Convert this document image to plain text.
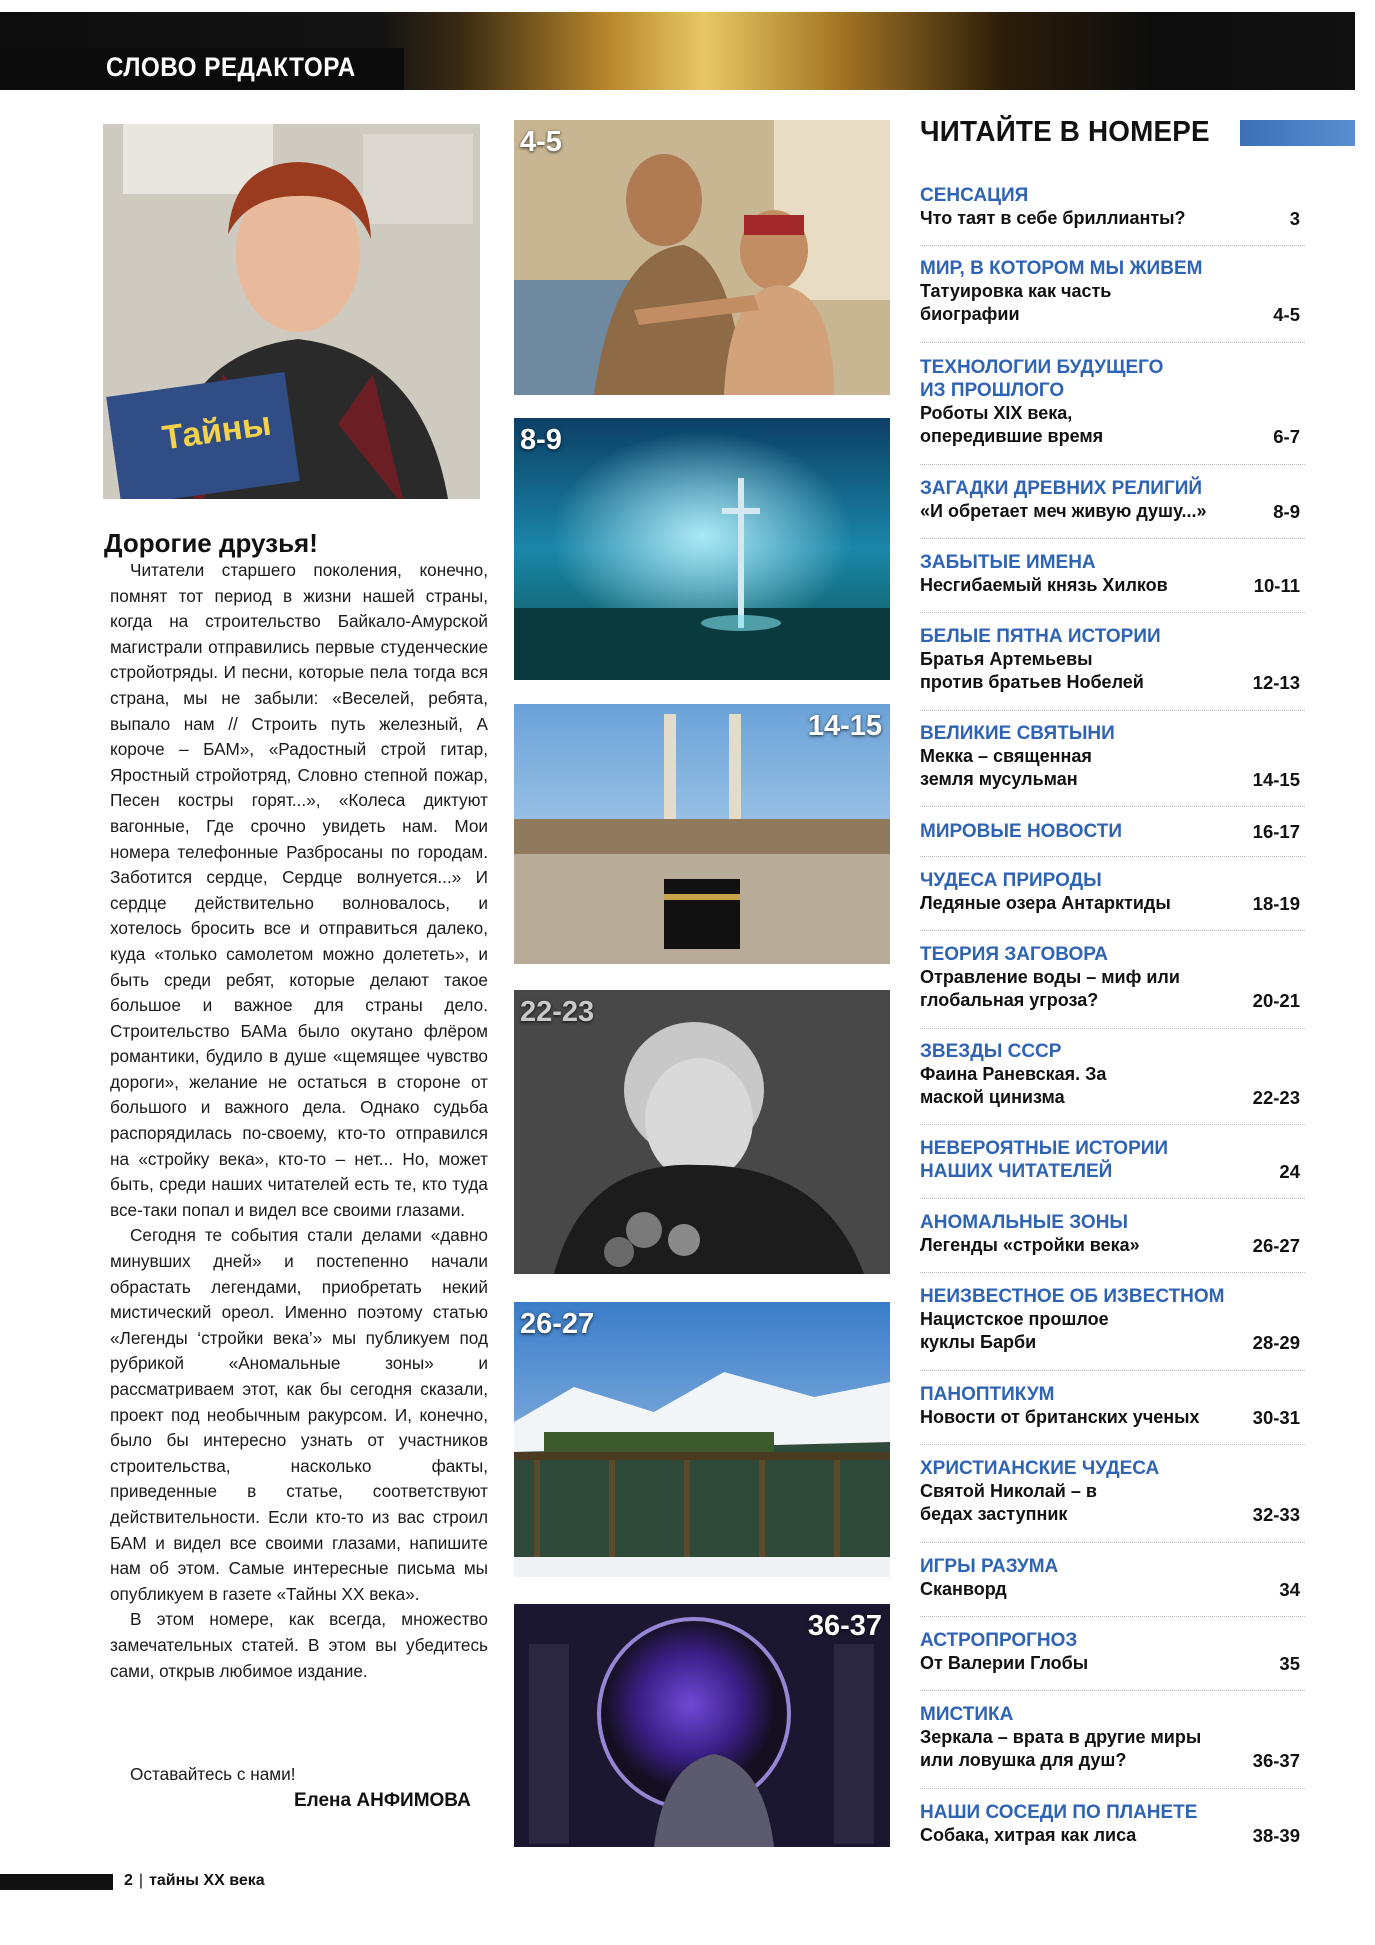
СЛОВО РЕДАКТОРА
Тайны
Дорогие друзья!

Читатели старшего поколения, конечно, помнят тот период в жизни нашей страны, когда на строительство Байкало-Амурской магистрали отправились первые студенческие стройотряды. И песни, которые пела тогда вся страна, мы не забыли: «Веселей, ребята, выпало нам // Строить путь железный, А короче – БАМ», «Радостный строй гитар, Яростный стройотряд, Словно степной пожар, Песен костры горят...», «Колеса диктуют вагонные, Где срочно увидеть нам. Мои номера телефонные Разбросаны по городам. Заботится сердце, Сердце волнуется...» И сердце действительно волновалось, и хотелось бросить все и отправиться далеко, куда «только самолетом можно долететь», и быть среди ребят, которые делают такое большое и важное для страны дело. Строительство БАМа было окутано флёром романтики, будило в душе «щемящее чувство дороги», желание не остаться в стороне от большого и важного дела. Однако судьба распорядилась по-своему, кто-то отправился на «стройку века», кто-то – нет... Но, может быть, среди наших читателей есть те, кто туда все-таки попал и видел все своими глазами.

Сегодня те события стали делами «давно минувших дней» и постепенно начали обрастать легендами, приобретать некий мистический ореол. Именно поэтому статью «Легенды ‘стройки века’» мы публикуем под рубрикой «Аномальные зоны» и рассматриваем этот, как бы сегодня сказали, проект под необычным ракурсом. И, конечно, было бы интересно узнать от участников строительства, насколько факты, приведенные в статье, соответствуют действительности. Если кто-то из вас строил БАМ и видел все своими глазами, напишите нам об этом. Самые интересные письма мы опубликуем в газете «Тайны XX века».

В этом номере, как всегда, множество замечательных статей. В этом вы убедитесь сами, открыв любимое издание.

Оставайтесь с нами!
Елена АНФИМОВА
4-5
8-9
14-15
22-23
26-27
36-37
ЧИТАЙТЕ В НОМЕРЕ
СЕНСАЦИЯ
Что таят в себе бриллианты?	3
МИР, В КОТОРОМ МЫ ЖИВЕМ
Татуировка как часть биографии	4-5
ТЕХНОЛОГИИ БУДУЩЕГО ИЗ ПРОШЛОГО
Роботы XIX века, опередившие время	6-7
ЗАГАДКИ ДРЕВНИХ РЕЛИГИЙ
«И обретает меч живую душу...»	8-9
ЗАБЫТЫЕ ИМЕНА
Несгибаемый князь Хилков	10-11
БЕЛЫЕ ПЯТНА ИСТОРИИ
Братья Артемьевы против братьев Нобелей	12-13
ВЕЛИКИЕ СВЯТЫНИ
Мекка – священная земля мусульман	14-15
МИРОВЫЕ НОВОСТИ	16-17
ЧУДЕСА ПРИРОДЫ
Ледяные озера Антарктиды	18-19
ТЕОРИЯ ЗАГОВОРА
Отравление воды – миф или глобальная угроза?	20-21
ЗВЕЗДЫ СССР
Фаина Раневская. За маской цинизма	22-23
НЕВЕРОЯТНЫЕ ИСТОРИИ НАШИХ ЧИТАТЕЛЕЙ	24
АНОМАЛЬНЫЕ ЗОНЫ
Легенды «стройки века»	26-27
НЕИЗВЕСТНОЕ ОБ ИЗВЕСТНОМ
Нацистское прошлое куклы Барби	28-29
ПАНОПТИКУМ
Новости от британских ученых	30-31
ХРИСТИАНСКИЕ ЧУДЕСА
Святой Николай – в бедах заступник	32-33
ИГРЫ РАЗУМА
Сканворд	34
АСТРОПРОГНОЗ
От Валерии Глобы	35
МИСТИКА
Зеркала – врата в другие миры или ловушка для душ?	36-37
НАШИ СОСЕДИ ПО ПЛАНЕТЕ
Собака, хитрая как лиса	38-39
2 | тайны XX века
